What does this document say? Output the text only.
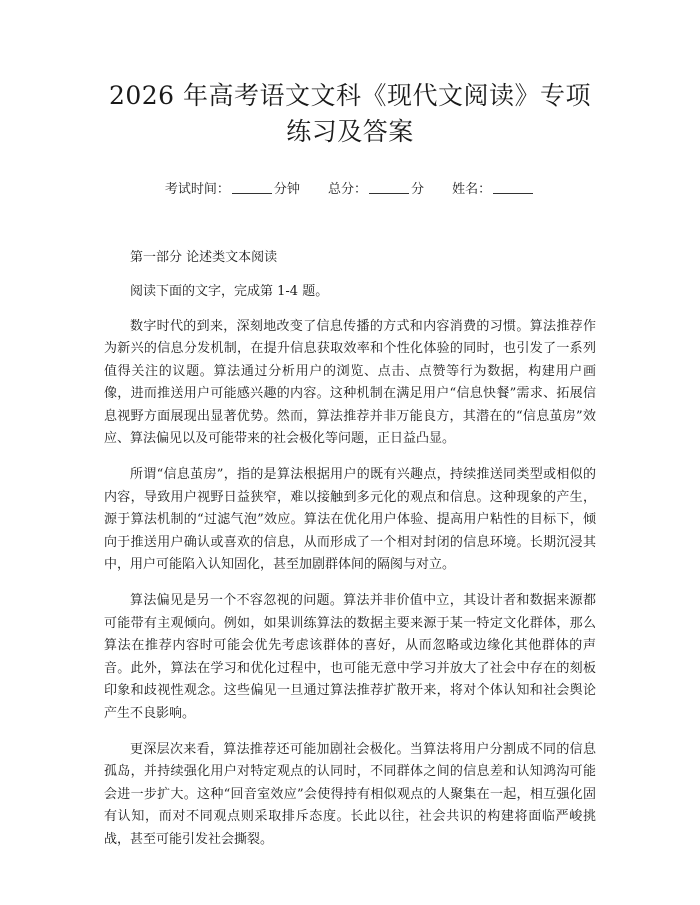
2026 年高考语文文科《现代文阅读》专项练习及答案
考试时间：	分钟 总分：	分 姓名：
第一部分 论述类文本阅读
阅读下面的文字，完成第 1-4 题。

数字时代的到来，深刻地改变了信息传播的方式和内容消费的习惯。算法推荐作为新兴的信息分发机制，在提升信息获取效率和个性化体验的同时，也引发了一系列值得关注的议题。算法通过分析用户的浏览、点击、点赞等行为数据，构建用户画像，进而推送用户可能感兴趣的内容。这种机制在满足用户“信息快餐”需求、拓展信息视野方面展现出显著优势。然而，算法推荐并非万能良方，其潜在的“信息茧房”效应、算法偏见以及可能带来的社会极化等问题，正日益凸显。

所谓“信息茧房”，指的是算法根据用户的既有兴趣点，持续推送同类型或相似的内容，导致用户视野日益狭窄，难以接触到多元化的观点和信息。这种现象的产生，源于算法机制的“过滤气泡”效应。算法在优化用户体验、提高用户粘性的目标下，倾向于推送用户确认或喜欢的信息，从而形成了一个相对封闭的信息环境。长期沉浸其中，用户可能陷入认知固化，甚至加剧群体间的隔阂与对立。

算法偏见是另一个不容忽视的问题。算法并非价值中立，其设计者和数据来源都可能带有主观倾向。例如，如果训练算法的数据主要来源于某一特定文化群体，那么算法在推荐内容时可能会优先考虑该群体的喜好，从而忽略或边缘化其他群体的声音。此外，算法在学习和优化过程中，也可能无意中学习并放大了社会中存在的刻板印象和歧视性观念。这些偏见一旦通过算法推荐扩散开来，将对个体认知和社会舆论产生不良影响。

更深层次来看，算法推荐还可能加剧社会极化。当算法将用户分割成不同的信息孤岛，并持续强化用户对特定观点的认同时，不同群体之间的信息差和认知鸿沟可能会进一步扩大。这种“回音室效应”会使得持有相似观点的人聚集在一起，相互强化固有认知，而对不同观点则采取排斥态度。长此以往，社会共识的构建将面临严峻挑战，甚至可能引发社会撕裂。
